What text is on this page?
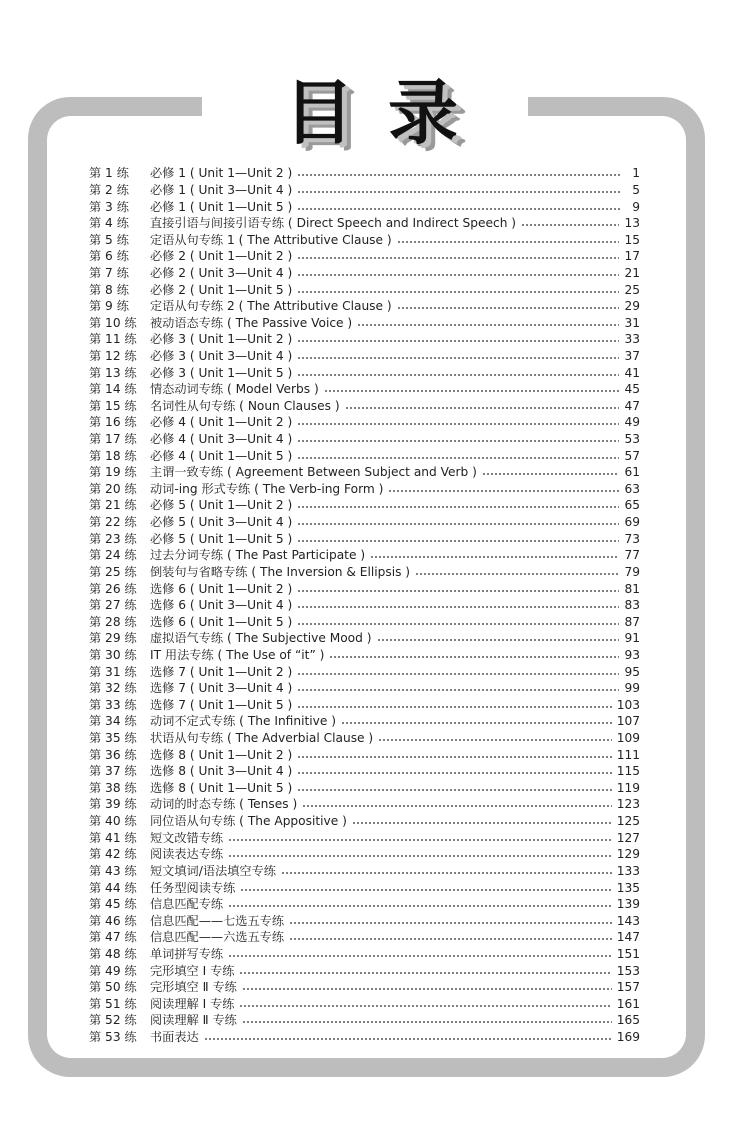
目 录
第 1 练	必修 1 ( Unit 1—Unit 2 )	1
第 2 练	必修 1 ( Unit 3—Unit 4 )	5
第 3 练	必修 1 ( Unit 1—Unit 5 )	9
第 4 练	直接引语与间接引语专练 ( Direct Speech and Indirect Speech )	13
第 5 练	定语从句专练 1 ( The Attributive Clause )	15
第 6 练	必修 2 ( Unit 1—Unit 2 )	17
第 7 练	必修 2 ( Unit 3—Unit 4 )	21
第 8 练	必修 2 ( Unit 1—Unit 5 )	25
第 9 练	定语从句专练 2 ( The Attributive Clause )	29
第 10 练	被动语态专练 ( The Passive Voice )	31
第 11 练	必修 3 ( Unit 1—Unit 2 )	33
第 12 练	必修 3 ( Unit 3—Unit 4 )	37
第 13 练	必修 3 ( Unit 1—Unit 5 )	41
第 14 练	情态动词专练 ( Model Verbs )	45
第 15 练	名词性从句专练 ( Noun Clauses )	47
第 16 练	必修 4 ( Unit 1—Unit 2 )	49
第 17 练	必修 4 ( Unit 3—Unit 4 )	53
第 18 练	必修 4 ( Unit 1—Unit 5 )	57
第 19 练	主谓一致专练 ( Agreement Between Subject and Verb )	61
第 20 练	动词-ing 形式专练 ( The Verb-ing Form )	63
第 21 练	必修 5 ( Unit 1—Unit 2 )	65
第 22 练	必修 5 ( Unit 3—Unit 4 )	69
第 23 练	必修 5 ( Unit 1—Unit 5 )	73
第 24 练	过去分词专练 ( The Past Participate )	77
第 25 练	倒装句与省略专练 ( The Inversion & Ellipsis )	79
第 26 练	选修 6 ( Unit 1—Unit 2 )	81
第 27 练	选修 6 ( Unit 3—Unit 4 )	83
第 28 练	选修 6 ( Unit 1—Unit 5 )	87
第 29 练	虚拟语气专练 ( The Subjective Mood )	91
第 30 练	IT 用法专练 ( The Use of “it” )	93
第 31 练	选修 7 ( Unit 1—Unit 2 )	95
第 32 练	选修 7 ( Unit 3—Unit 4 )	99
第 33 练	选修 7 ( Unit 1—Unit 5 )	103
第 34 练	动词不定式专练 ( The Infinitive )	107
第 35 练	状语从句专练 ( The Adverbial Clause )	109
第 36 练	选修 8 ( Unit 1—Unit 2 )	111
第 37 练	选修 8 ( Unit 3—Unit 4 )	115
第 38 练	选修 8 ( Unit 1—Unit 5 )	119
第 39 练	动词的时态专练 ( Tenses )	123
第 40 练	同位语从句专练 ( The Appositive )	125
第 41 练	短文改错专练	127
第 42 练	阅读表达专练	129
第 43 练	短文填词/语法填空专练	133
第 44 练	任务型阅读专练	135
第 45 练	信息匹配专练	139
第 46 练	信息匹配——七选五专练	143
第 47 练	信息匹配——六选五专练	147
第 48 练	单词拼写专练	151
第 49 练	完形填空 Ⅰ 专练	153
第 50 练	完形填空 Ⅱ 专练	157
第 51 练	阅读理解 Ⅰ 专练	161
第 52 练	阅读理解 Ⅱ 专练	165
第 53 练	书面表达	169
